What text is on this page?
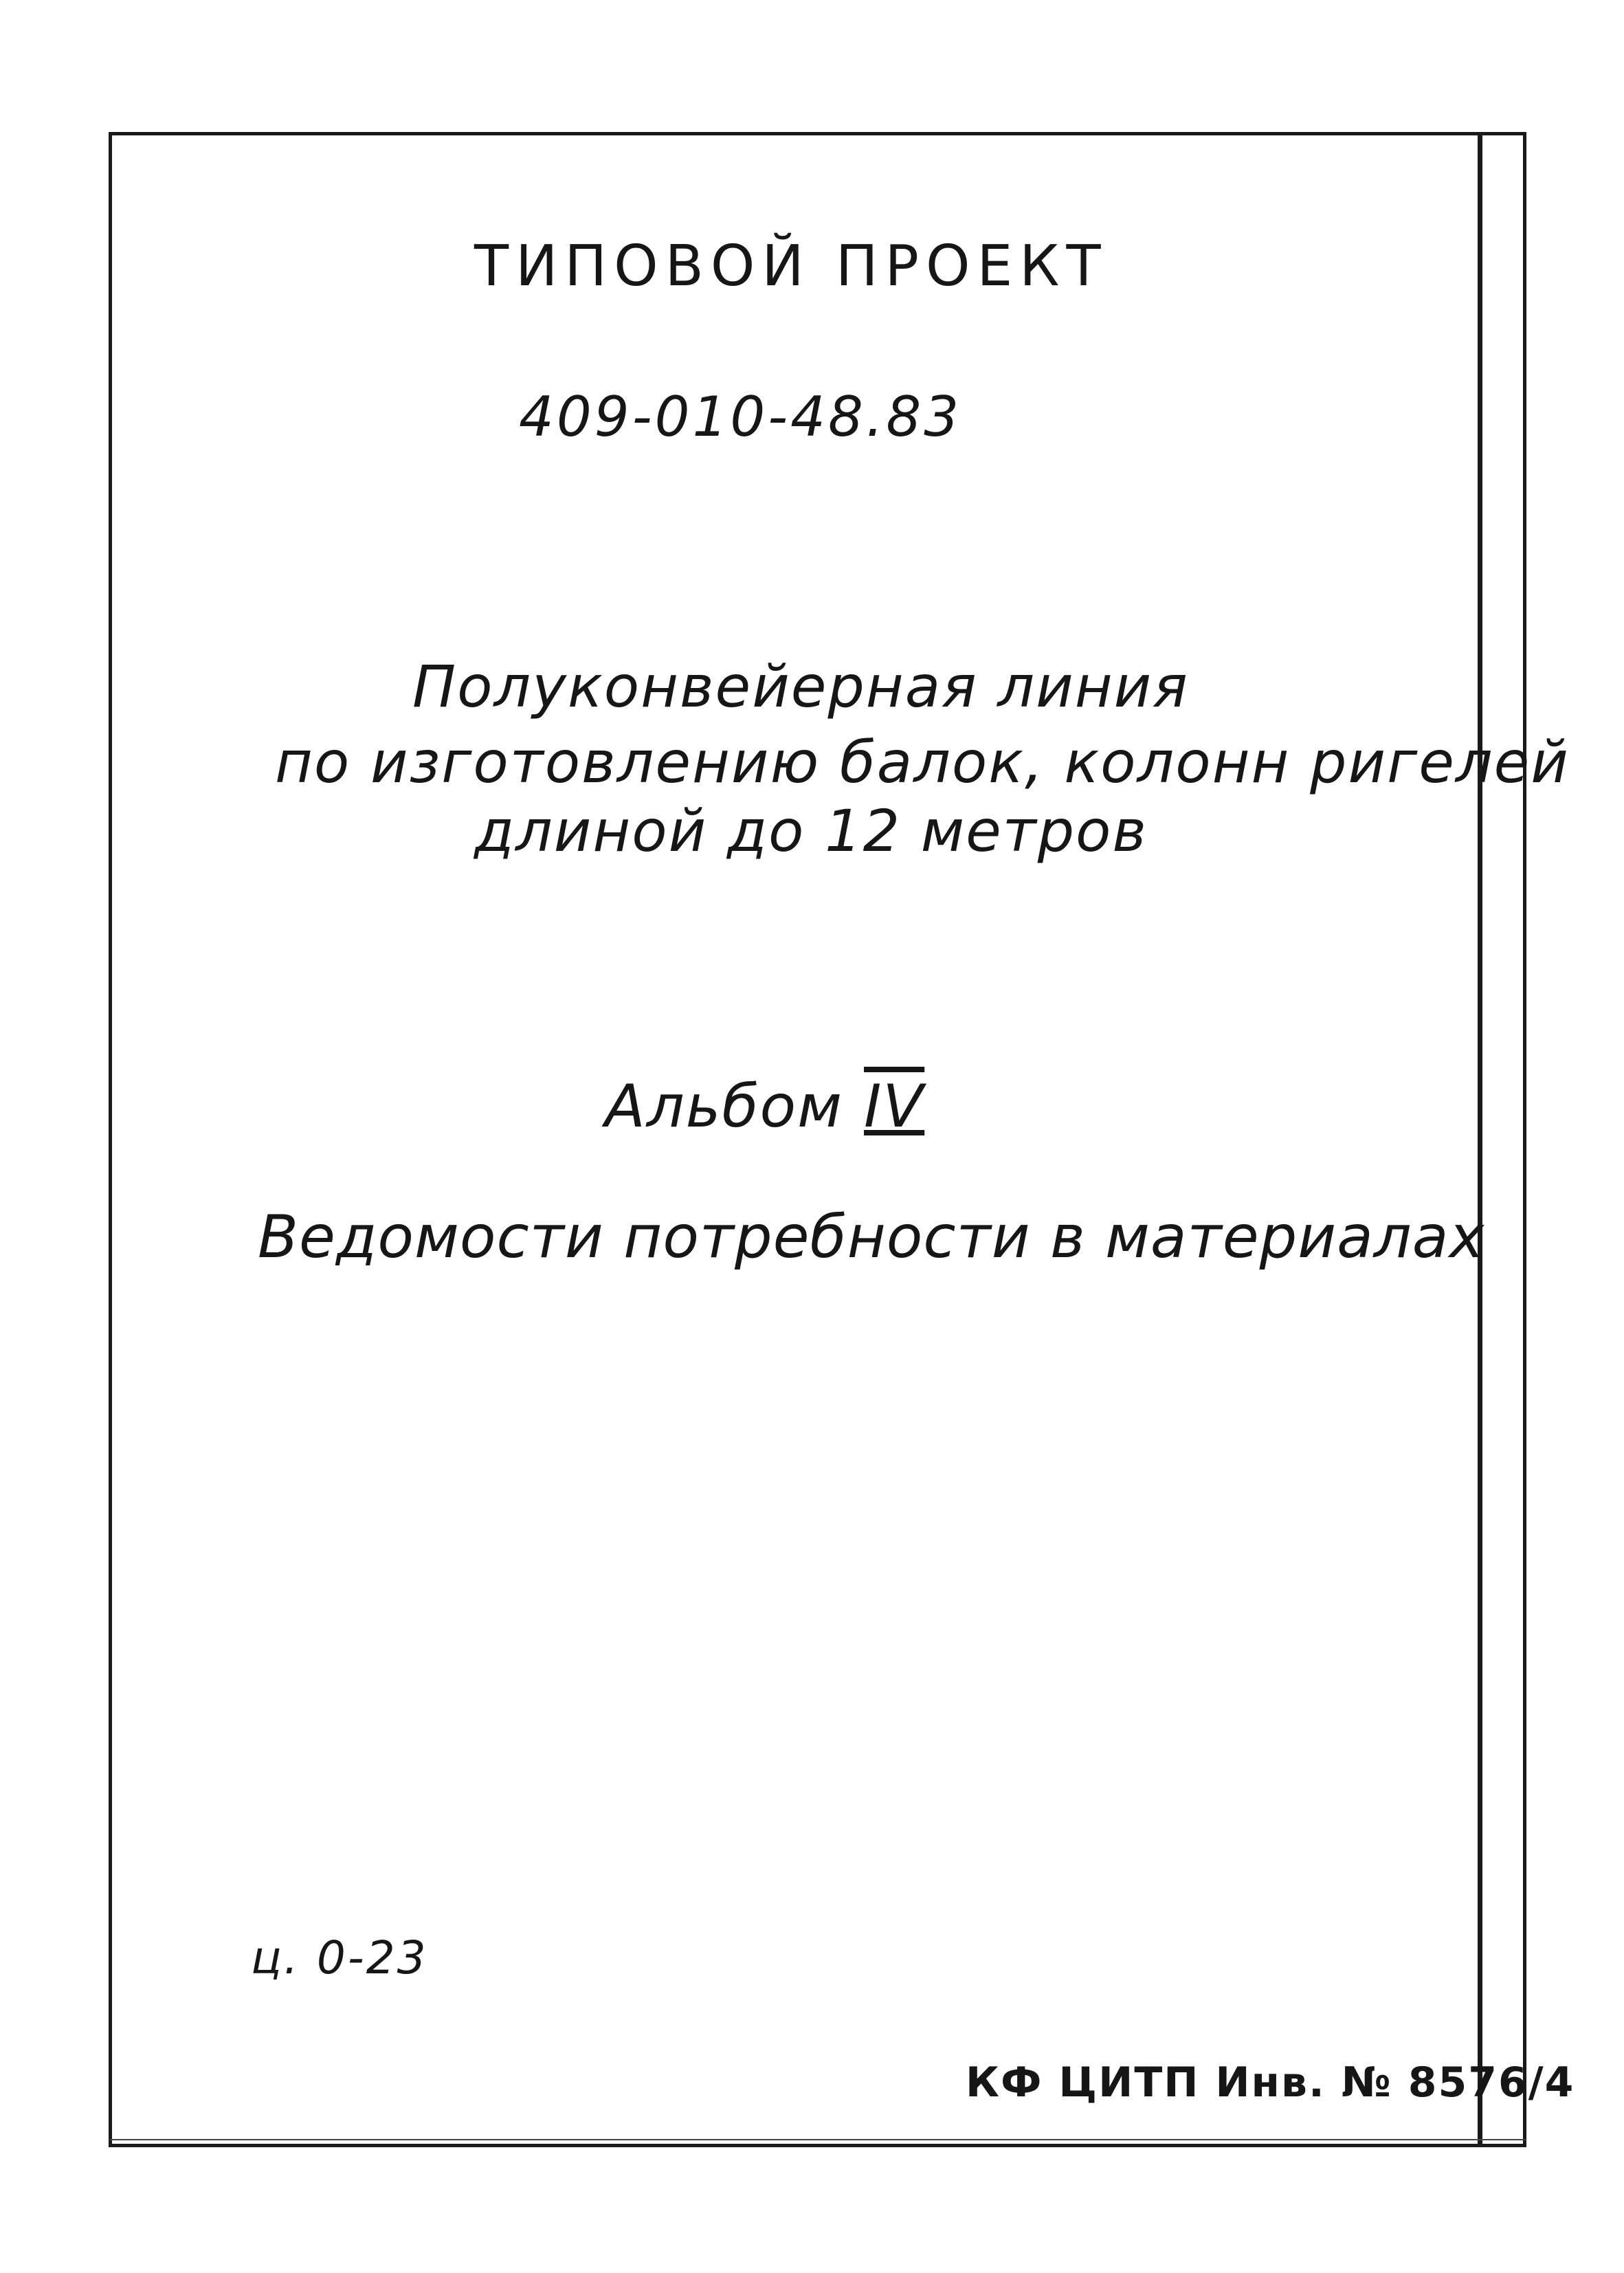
ТИПОВОЙ ПРОЕКТ
409-010-48.83
Полуконвейерная линия
по изготовлению балок, колонн ригелей
длиной до 12 метров
Альбом IV
Ведомости потребности в материалах
ц. 0-23
КФ ЦИТП Инв. № 8576/4
